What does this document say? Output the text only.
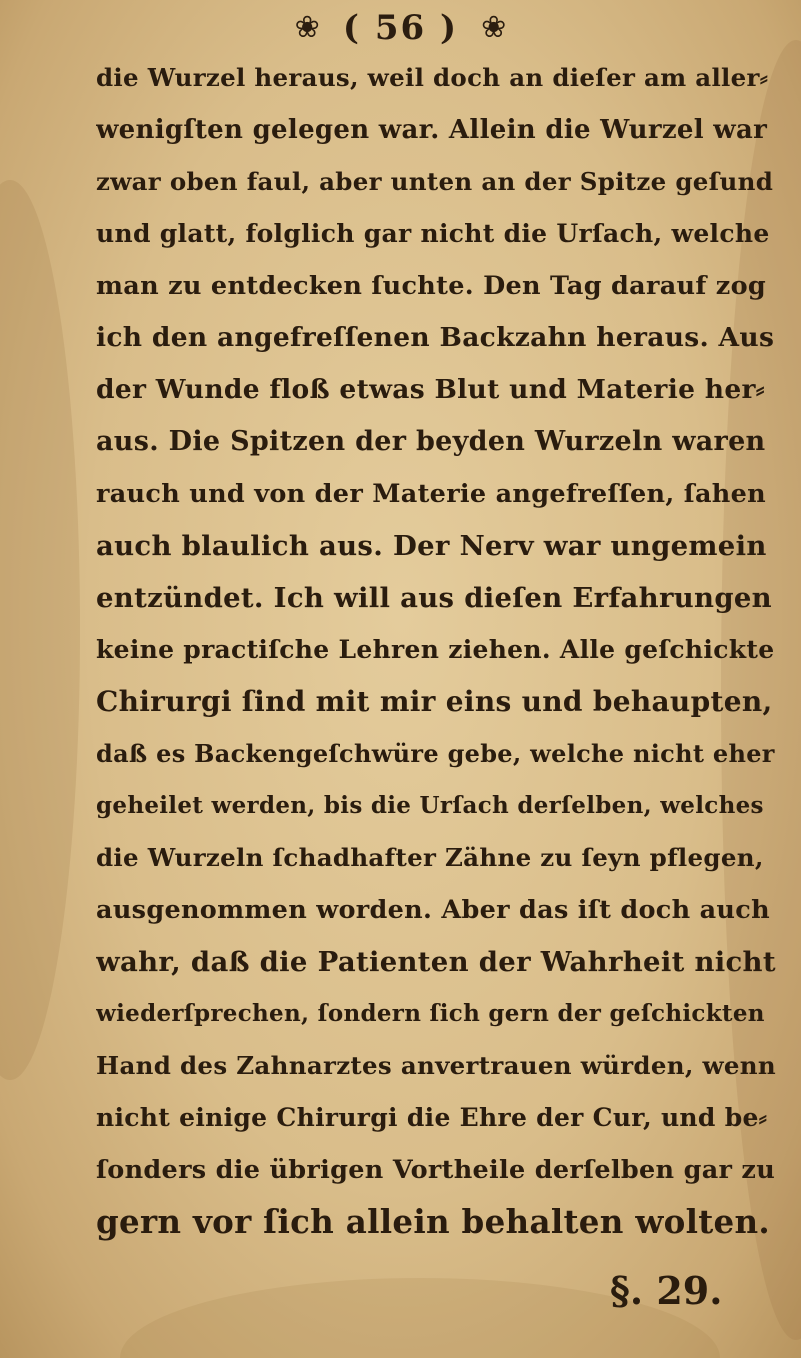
❀ ( 56 ) ❀
die Wurzel heraus, weil doch an dieſer am aller⸗
wenigſten gelegen war. Allein die Wurzel war
zwar oben faul, aber unten an der Spitze geſund
und glatt, folglich gar nicht die Urſach, welche
man zu entdecken ſuchte. Den Tag darauf zog
ich den angefreſſenen Backzahn heraus. Aus
der Wunde floß etwas Blut und Materie her⸗
aus. Die Spitzen der beyden Wurzeln waren
rauch und von der Materie angefreſſen, ſahen
auch blaulich aus. Der Nerv war ungemein
entzündet. Ich will aus dieſen Erfahrungen
keine practiſche Lehren ziehen. Alle geſchickte
Chirurgi ſind mit mir eins und behaupten,
daß es Backengeſchwüre gebe, welche nicht eher
geheilet werden, bis die Urſach derſelben, welches
die Wurzeln ſchadhafter Zähne zu ſeyn pflegen,
ausgenommen worden. Aber das iſt doch auch
wahr, daß die Patienten der Wahrheit nicht
wiederſprechen, ſondern ſich gern der geſchickten
Hand des Zahnarztes anvertrauen würden, wenn
nicht einige Chirurgi die Ehre der Cur, und be⸗
ſonders die übrigen Vortheile derſelben gar zu
gern vor ſich allein behalten wolten.
§. 29.
